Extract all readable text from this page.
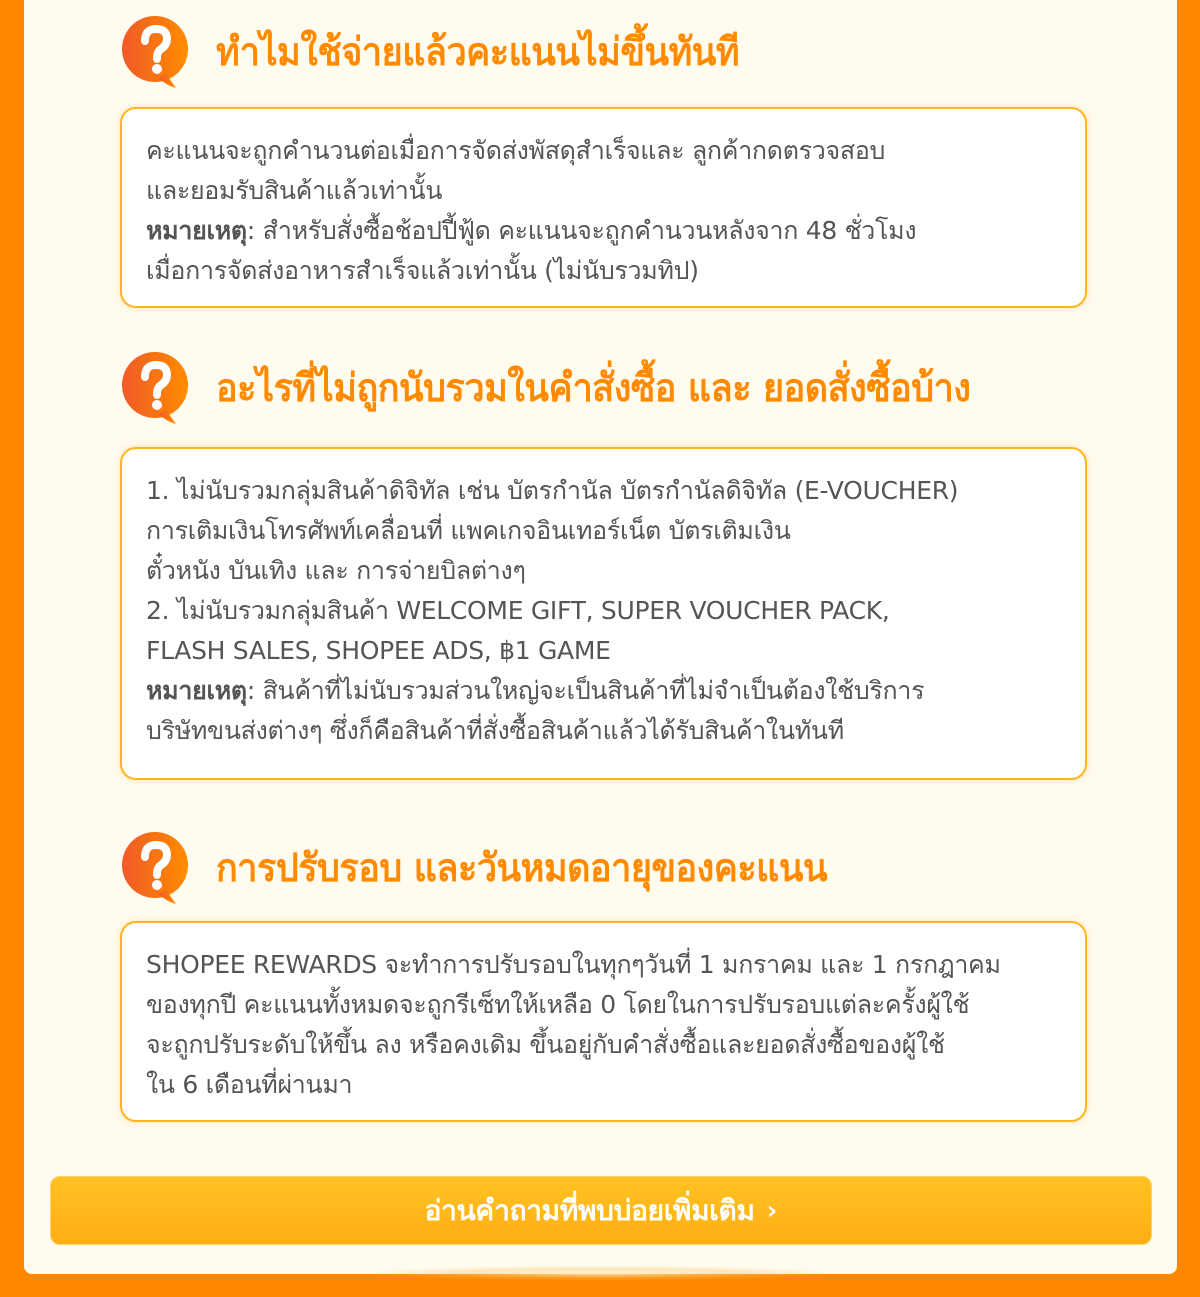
ทำไมใช้จ่ายแล้วคะแนนไม่ขึ้นทันที
คะแนนจะถูกคำนวนต่อเมื่อการจัดส่งพัสดุสำเร็จและ ลูกค้ากดตรวจสอบ
และยอมรับสินค้าแล้วเท่านั้น
หมายเหตุ: สำหรับสั่งซื้อช้อปปี้ฟู้ด คะแนนจะถูกคำนวนหลังจาก 48 ชั่วโมง
เมื่อการจัดส่งอาหารสำเร็จแล้วเท่านั้น (ไม่นับรวมทิป)
อะไรที่ไม่ถูกนับรวมในคำสั่งซื้อ และ ยอดสั่งซื้อบ้าง
1. ไม่นับรวมกลุ่มสินค้าดิจิทัล เช่น บัตรกำนัล บัตรกำนัลดิจิทัล (E-VOUCHER)
การเติมเงินโทรศัพท์เคลื่อนที่ แพคเกจอินเทอร์เน็ต บัตรเติมเงิน
ตั๋วหนัง บันเทิง และ การจ่ายบิลต่างๆ
2. ไม่นับรวมกลุ่มสินค้า WELCOME GIFT, SUPER VOUCHER PACK,
FLASH SALES, SHOPEE ADS, ฿1 GAME
หมายเหตุ: สินค้าที่ไม่นับรวมส่วนใหญ่จะเป็นสินค้าที่ไม่จำเป็นต้องใช้บริการ
บริษัทขนส่งต่างๆ ซึ่งก็คือสินค้าที่สั่งซื้อสินค้าแล้วได้รับสินค้าในทันที
การปรับรอบ และวันหมดอายุของคะแนน
SHOPEE REWARDS จะทำการปรับรอบในทุกๆวันที่ 1 มกราคม และ 1 กรกฎาคม
ของทุกปี คะแนนทั้งหมดจะถูกรีเซ็ทให้เหลือ 0 โดยในการปรับรอบแต่ละครั้งผู้ใช้
จะถูกปรับระดับให้ขึ้น ลง หรือคงเดิม ขึ้นอยู่กับคำสั่งซื้อและยอดสั่งซื้อของผู้ใช้
ใน 6 เดือนที่ผ่านมา
อ่านคำถามที่พบบ่อยเพิ่มเติม ›
